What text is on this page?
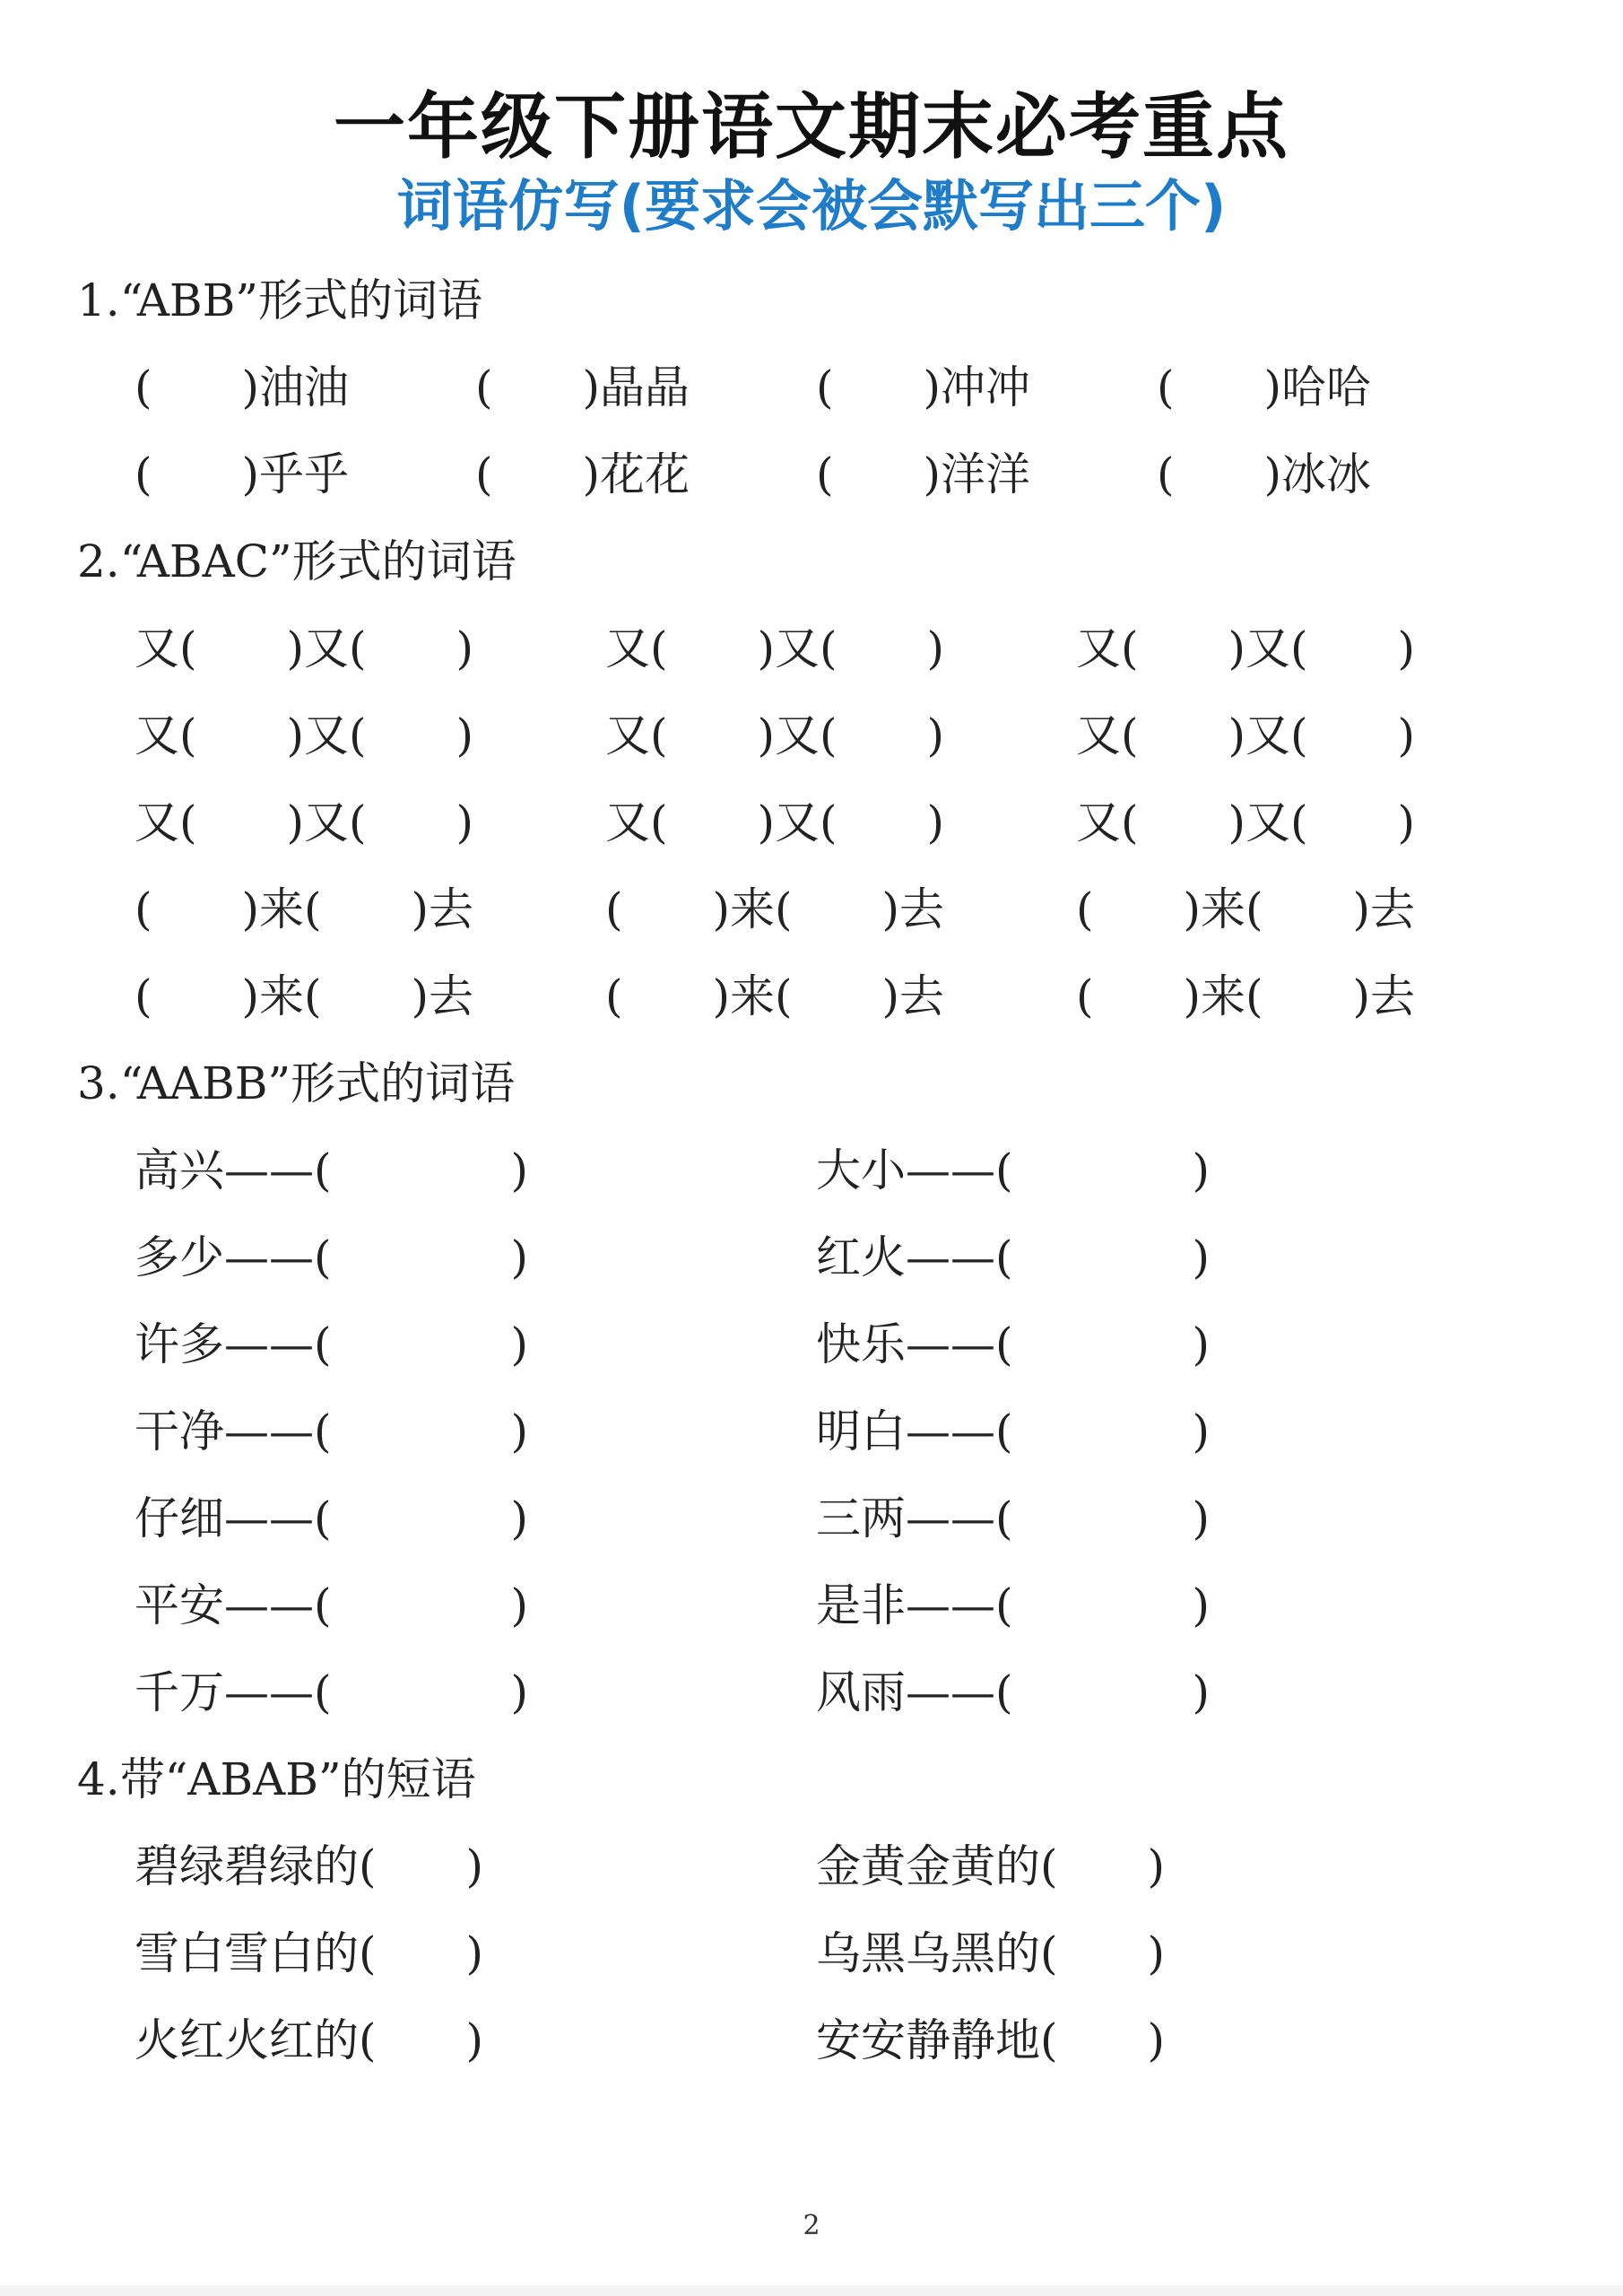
一年级下册语文期末必考重点
词语仿写(要求会被会默写出三个)
1.“ABB”形式的词语
(　　)油油	(　　)晶晶	(　　)冲冲	(　　)哈哈
(　　)乎乎	(　　)花花	(　　)洋洋	(　　)冰冰
2.“ABAC”形式的词语
又(　　)又(　　)	又(　　)又(　　)	又(　　)又(　　)
又(　　)又(　　)	又(　　)又(　　)	又(　　)又(　　)
又(　　)又(　　)	又(　　)又(　　)	又(　　)又(　　)
(　　)来(　　)去	(　　)来(　　)去	(　　)来(　　)去
(　　)来(　　)去	(　　)来(　　)去	(　　)来(　　)去
3.“AABB”形式的词语
高兴——(　　　　)	大小——(　　　　)
多少——(　　　　)	红火——(　　　　)
许多——(　　　　)	快乐——(　　　　)
干净——(　　　　)	明白——(　　　　)
仔细——(　　　　)	三两——(　　　　)
平安——(　　　　)	是非——(　　　　)
千万——(　　　　)	风雨——(　　　　)
4.带“ABAB”的短语
碧绿碧绿的(　　)	金黄金黄的(　　)
雪白雪白的(　　)	乌黑乌黑的(　　)
火红火红的(　　)	安安静静地(　　)
2
